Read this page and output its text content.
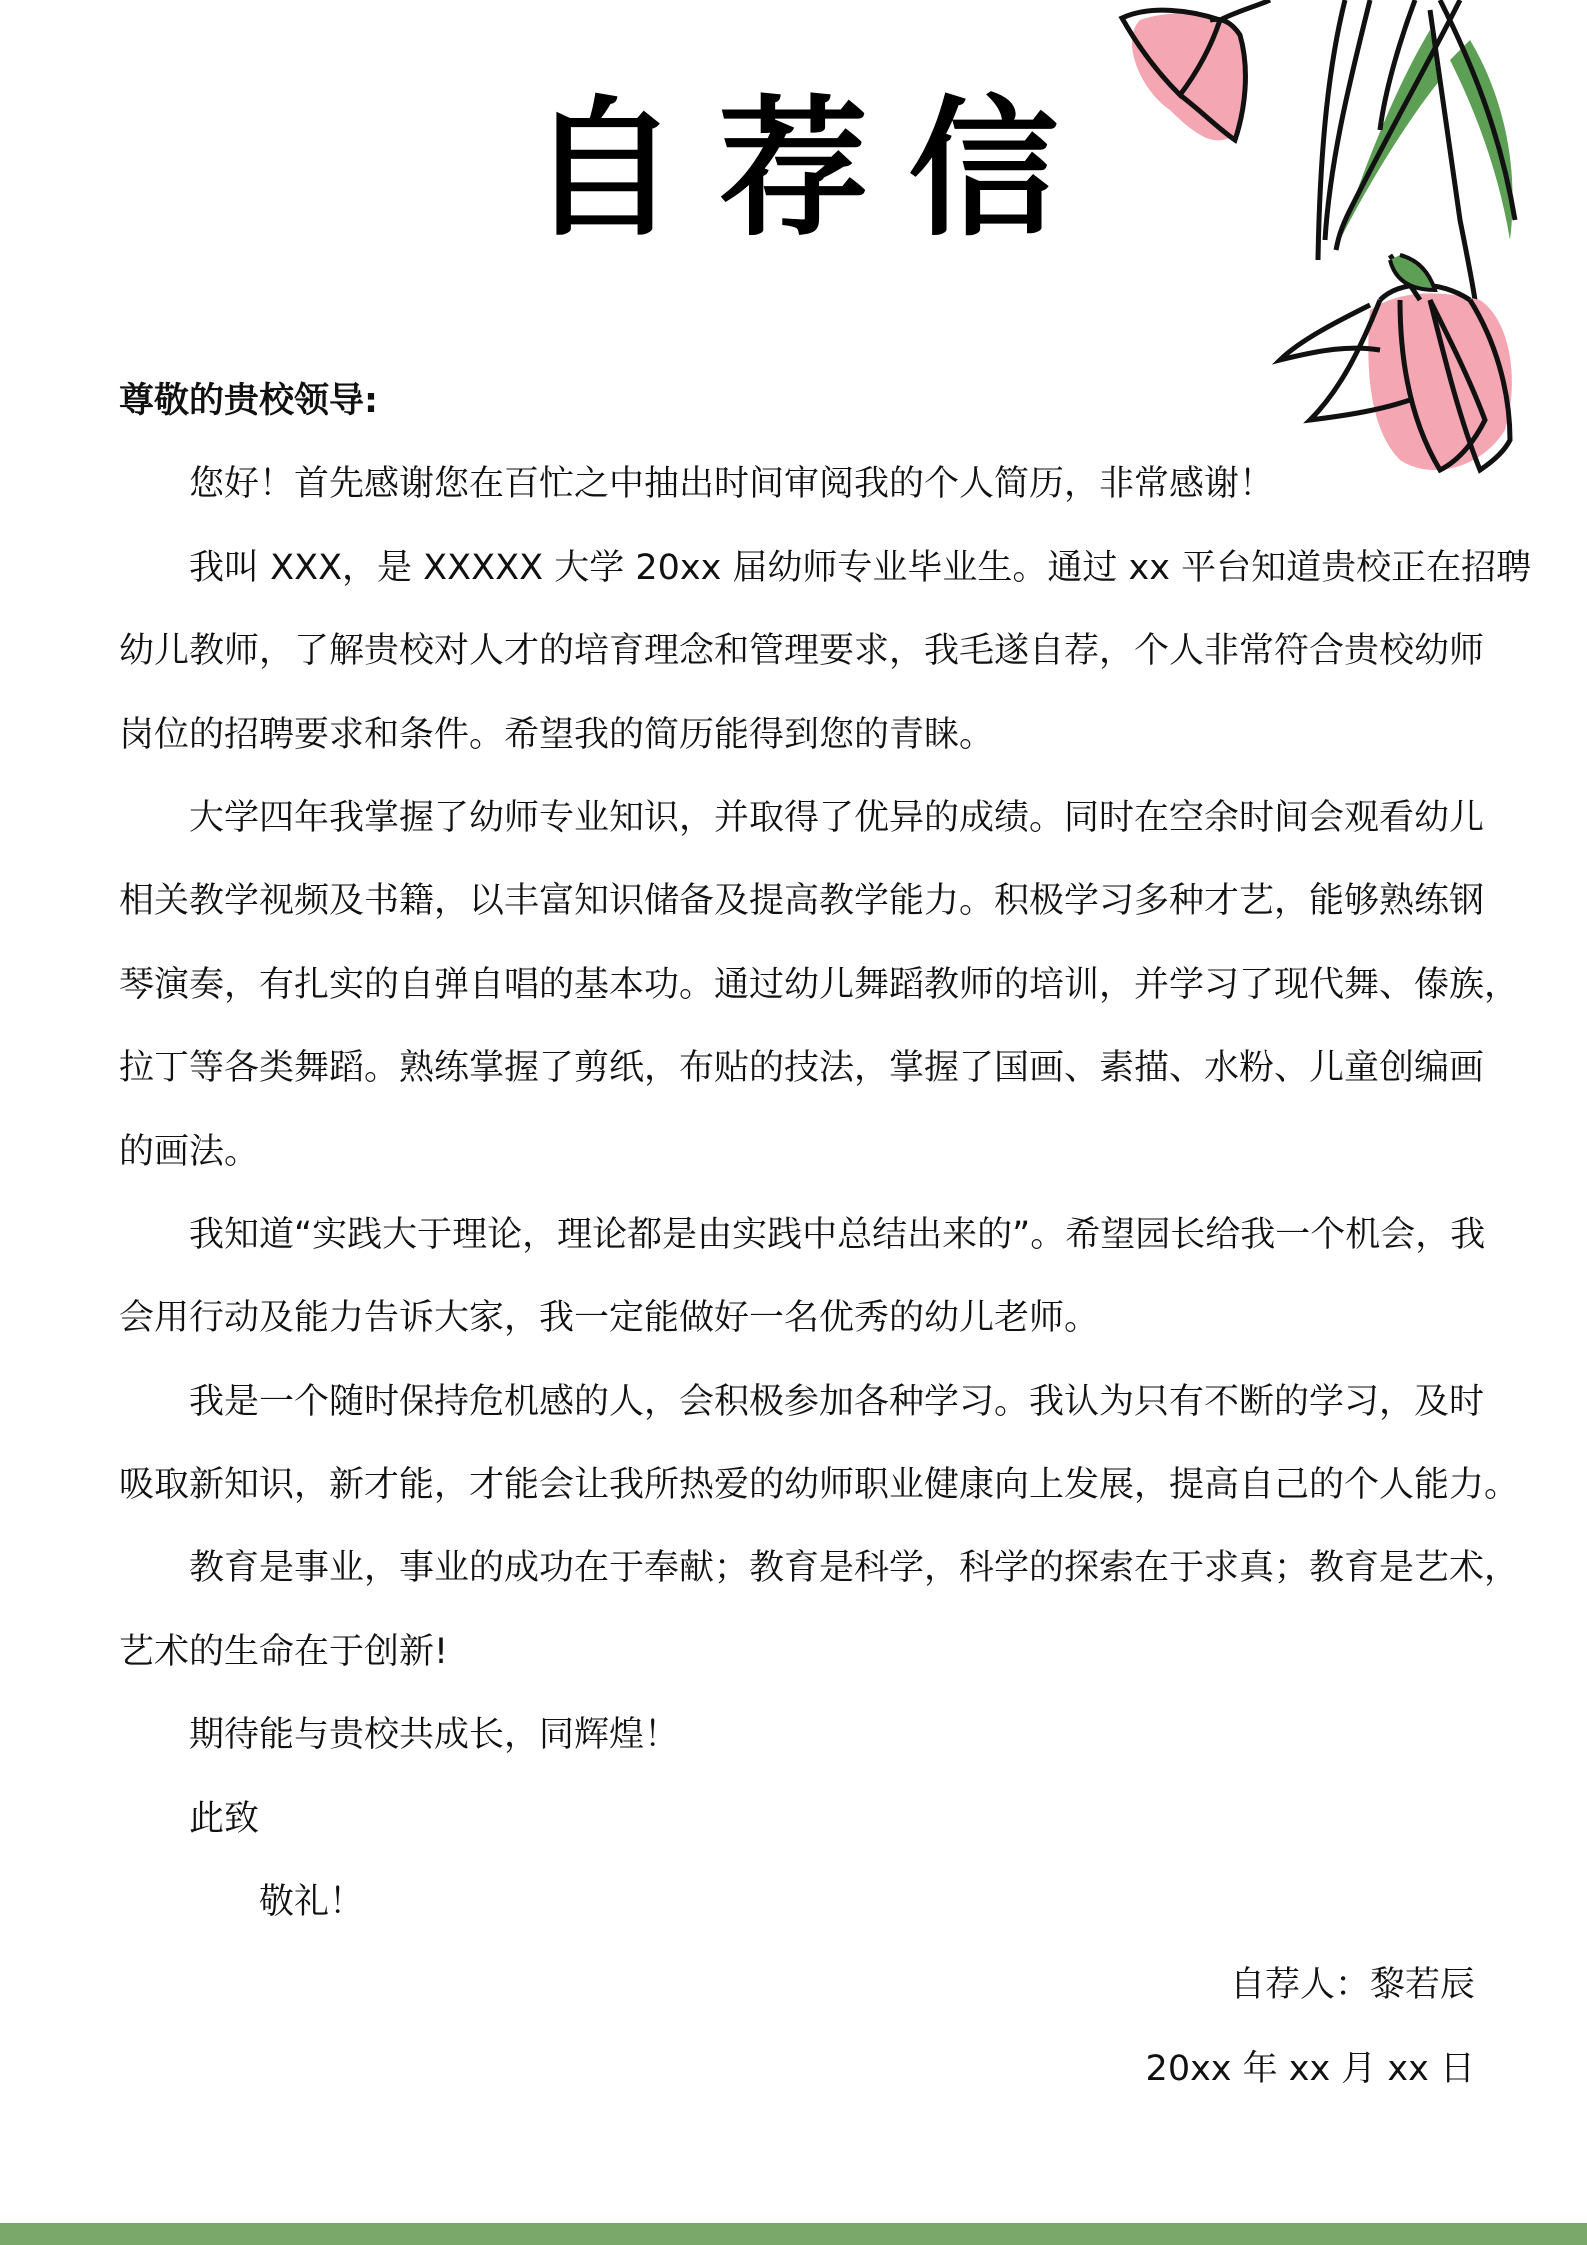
自荐信
尊敬的贵校领导:
您好！首先感谢您在百忙之中抽出时间审阅我的个人简历，非常感谢！
我叫 XXX，是 XXXXX 大学 20xx 届幼师专业毕业生。通过 xx 平台知道贵校正在招聘
幼儿教师，了解贵校对人才的培育理念和管理要求，我毛遂自荐，个人非常符合贵校幼师
岗位的招聘要求和条件。希望我的简历能得到您的青睐。
大学四年我掌握了幼师专业知识，并取得了优异的成绩。同时在空余时间会观看幼儿
相关教学视频及书籍，以丰富知识储备及提高教学能力。积极学习多种才艺，能够熟练钢
琴演奏，有扎实的自弹自唱的基本功。通过幼儿舞蹈教师的培训，并学习了现代舞、傣族，
拉丁等各类舞蹈。熟练掌握了剪纸，布贴的技法，掌握了国画、素描、水粉、儿童创编画
的画法。
我知道“实践大于理论，理论都是由实践中总结出来的”。希望园长给我一个机会，我
会用行动及能力告诉大家，我一定能做好一名优秀的幼儿老师。
我是一个随时保持危机感的人，会积极参加各种学习。我认为只有不断的学习，及时
吸取新知识，新才能，才能会让我所热爱的幼师职业健康向上发展，提高自己的个人能力。
教育是事业，事业的成功在于奉献；教育是科学，科学的探索在于求真；教育是艺术，
艺术的生命在于创新!
期待能与贵校共成长，同辉煌！
此致
敬礼！
自荐人：黎若辰
20xx 年 xx 月 xx 日
